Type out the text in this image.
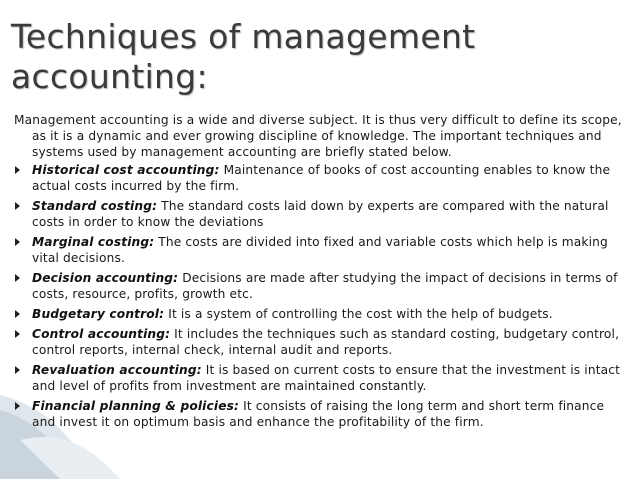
Techniques of management accounting:

Management accounting is a wide and diverse subject. It is thus very difficult to define its scope, as it is a dynamic and ever growing discipline of knowledge. The important techniques and systems used by management accounting are briefly stated below.

Historical cost accounting: Maintenance of books of cost accounting enables to know the actual costs incurred by the firm.
Standard costing: The standard costs laid down by experts are compared with the natural costs in order to know the deviations
Marginal costing: The costs are divided into fixed and variable costs which help is making vital decisions.
Decision accounting: Decisions are made after studying the impact of decisions in terms of costs, resource, profits, growth etc.
Budgetary control: It is a system of controlling the cost with the help of budgets.
Control accounting: It includes the techniques such as standard costing, budgetary control, control reports, internal check, internal audit and reports.
Revaluation accounting: It is based on current costs to ensure that the investment is intact and level of profits from investment are maintained constantly.
Financial planning & policies: It consists of raising the long term and short term finance and invest it on optimum basis and enhance the profitability of the firm.
